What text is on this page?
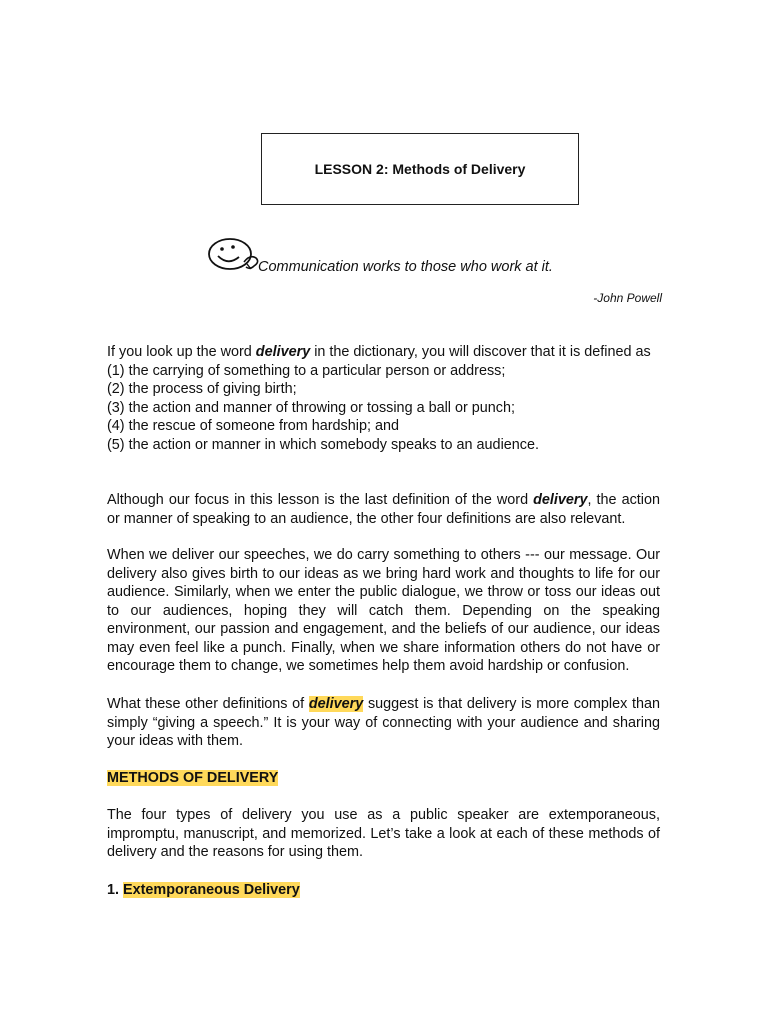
LESSON 2: Methods of Delivery
Communication works to those who work at it.
-John Powell
If you look up the word delivery in the dictionary, you will discover that it is defined as
(1) the carrying of something to a particular person or address;
(2) the process of giving birth;
(3) the action and manner of throwing or tossing a ball or punch;
(4) the rescue of someone from hardship; and
(5) the action or manner in which somebody speaks to an audience.

Although our focus in this lesson is the last definition of the word delivery, the action or manner of speaking to an audience, the other four definitions are also relevant.

When we deliver our speeches, we do carry something to others --- our message. Our delivery also gives birth to our ideas as we bring hard work and thoughts to life for our audience. Similarly, when we enter the public dialogue, we throw or toss our ideas out to our audiences, hoping they will catch them. Depending on the speaking environment, our passion and engagement, and the beliefs of our audience, our ideas may even feel like a punch. Finally, when we share information others do not have or encourage them to change, we sometimes help them avoid hardship or confusion.

What these other definitions of delivery suggest is that delivery is more complex than simply “giving a speech.” It is your way of connecting with your audience and sharing your ideas with them.

METHODS OF DELIVERY

The four types of delivery you use as a public speaker are extemporaneous, impromptu, manuscript, and memorized. Let’s take a look at each of these methods of delivery and the reasons for using them.

1. Extemporaneous Delivery
